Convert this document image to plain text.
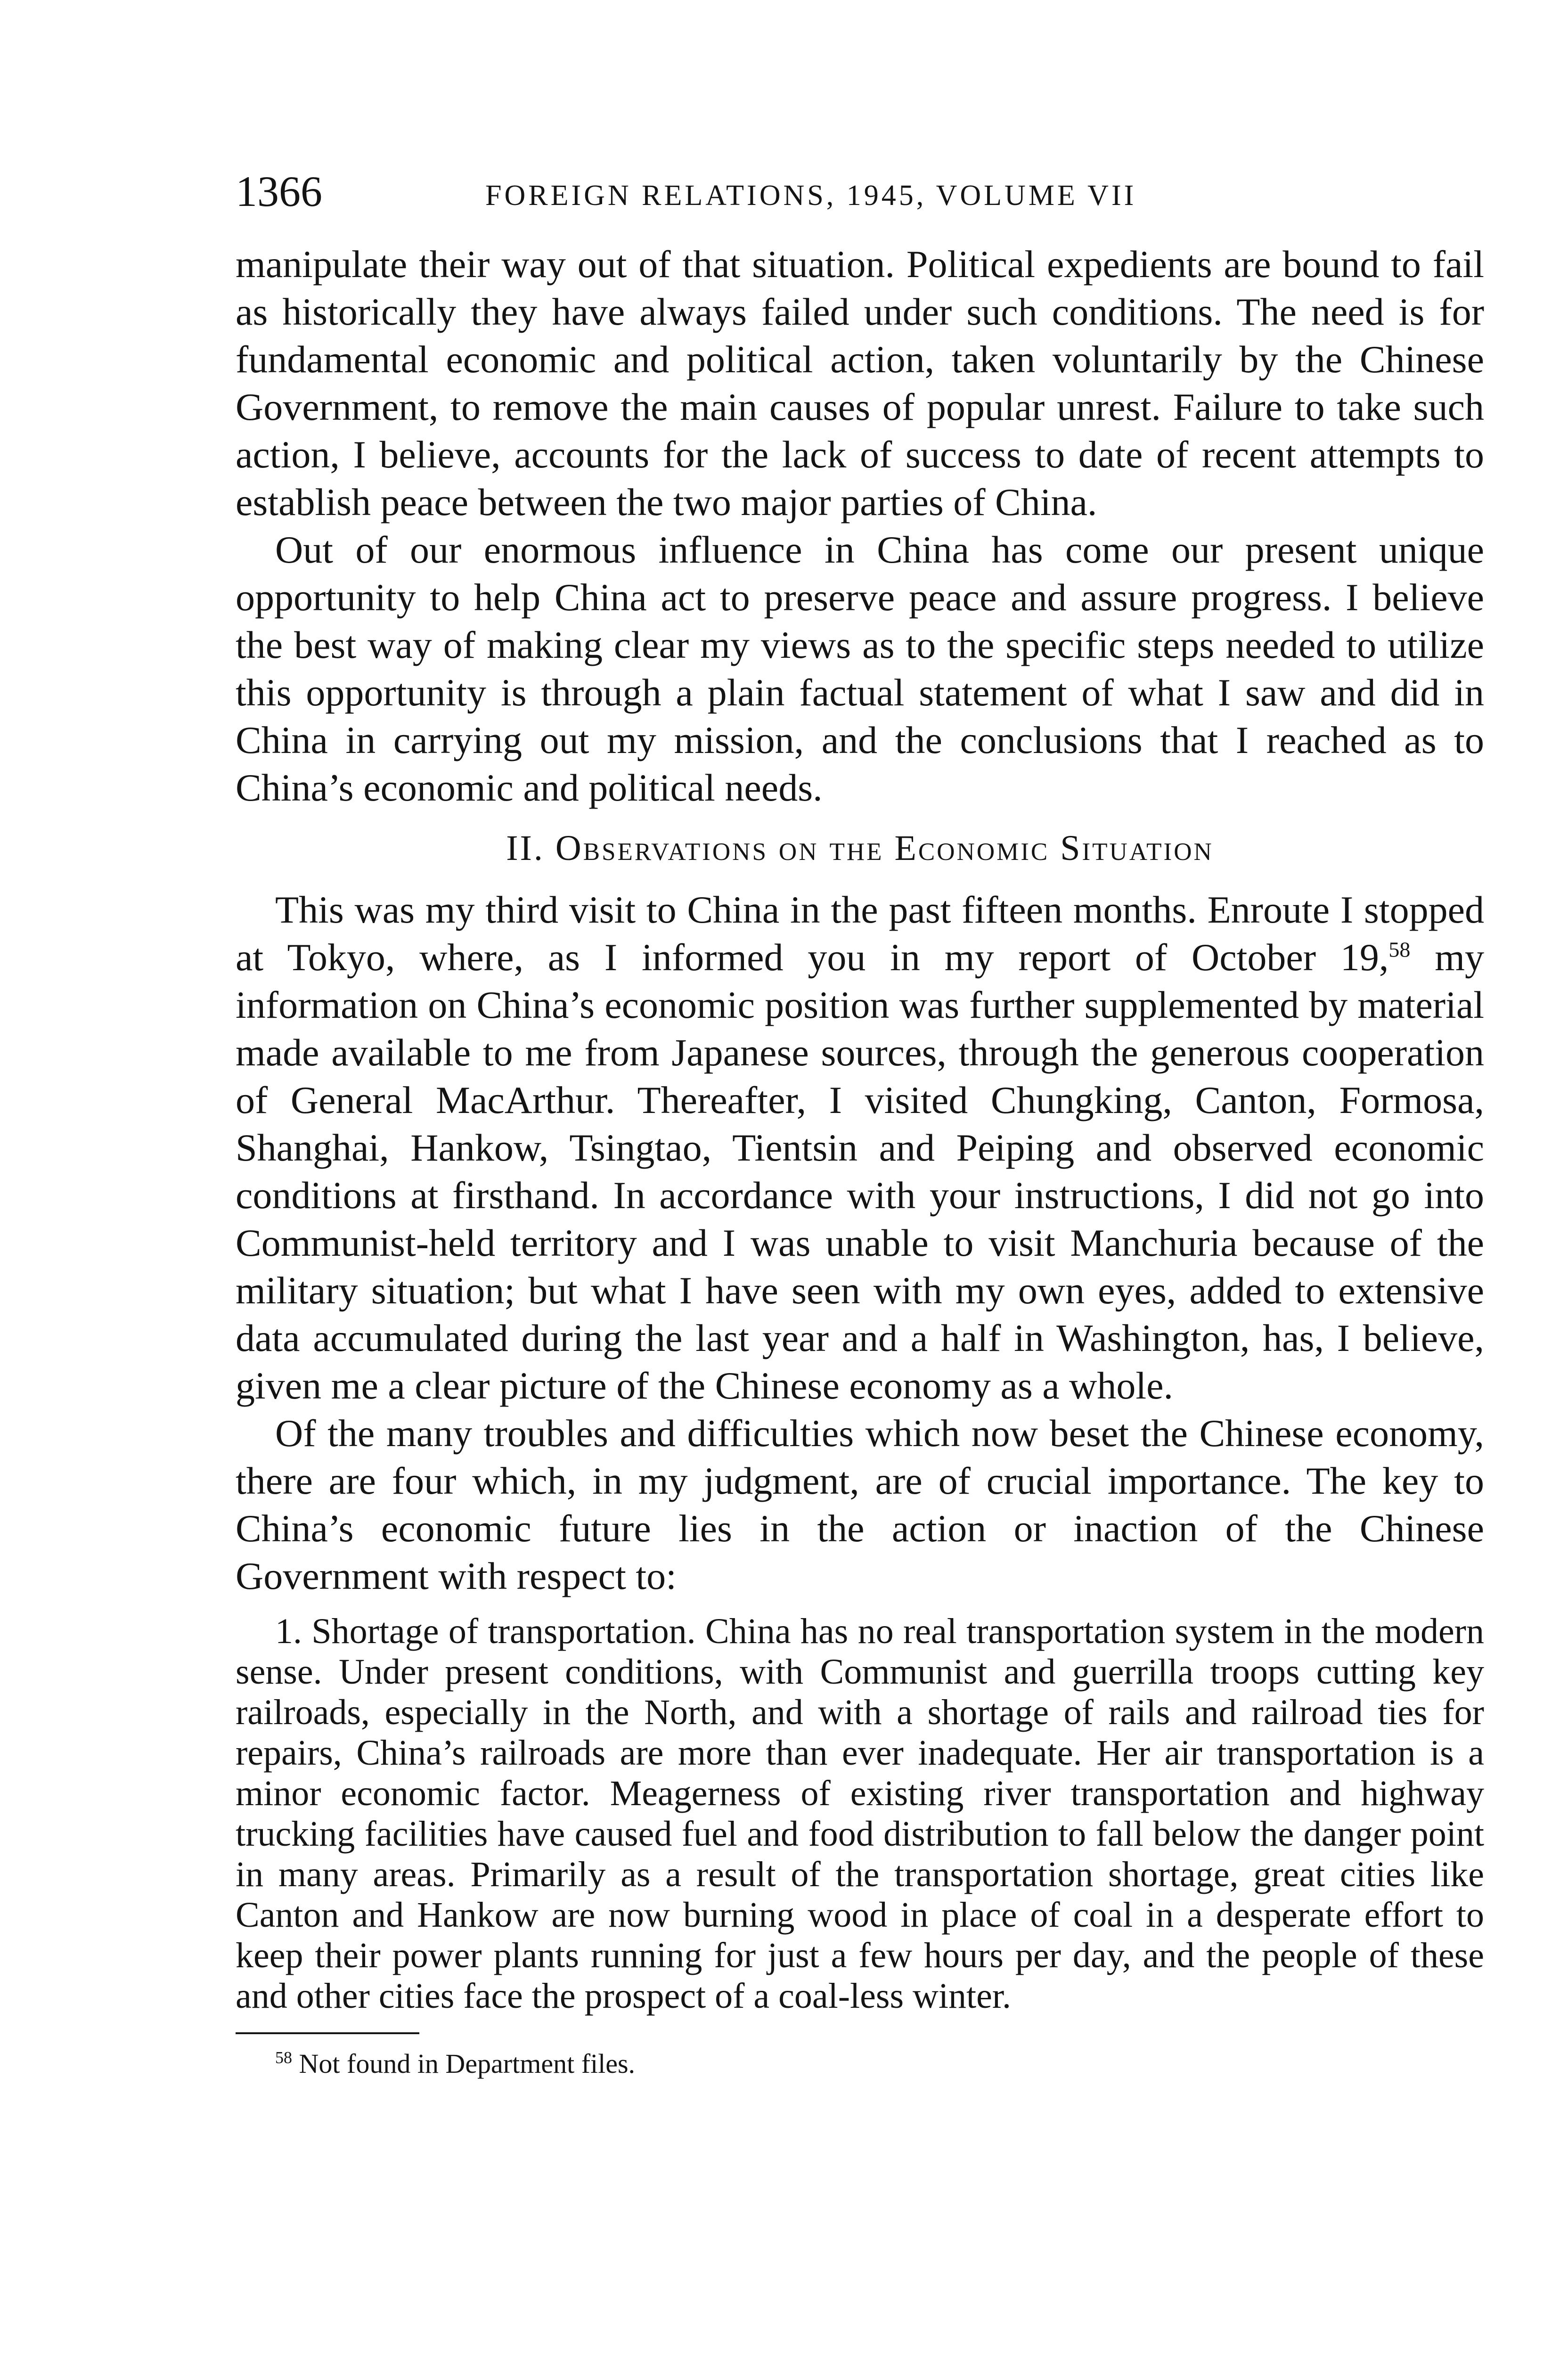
1366	FOREIGN RELATIONS, 1945, VOLUME VII

manipulate their way out of that situation. Political expedients are bound to fail as historically they have always failed under such conditions. The need is for fundamental economic and political action, taken voluntarily by the Chinese Government, to remove the main causes of popular unrest. Failure to take such action, I believe, accounts for the lack of success to date of recent attempts to establish peace between the two major parties of China.

Out of our enormous influence in China has come our present unique opportunity to help China act to preserve peace and assure progress. I believe the best way of making clear my views as to the specific steps needed to utilize this opportunity is through a plain factual statement of what I saw and did in China in carrying out my mission, and the conclusions that I reached as to China’s economic and political needs.

II. Observations on the Economic Situation

This was my third visit to China in the past fifteen months. Enroute I stopped at Tokyo, where, as I informed you in my report of October 19,58 my information on China’s economic position was further supplemented by material made available to me from Japanese sources, through the generous cooperation of General MacArthur. Thereafter, I visited Chungking, Canton, Formosa, Shanghai, Hankow, Tsingtao, Tientsin and Peiping and observed economic conditions at firsthand. In accordance with your instructions, I did not go into Communist-held territory and I was unable to visit Manchuria because of the military situation; but what I have seen with my own eyes, added to extensive data accumulated during the last year and a half in Washington, has, I believe, given me a clear picture of the Chinese economy as a whole.

Of the many troubles and difficulties which now beset the Chinese economy, there are four which, in my judgment, are of crucial importance. The key to China’s economic future lies in the action or inaction of the Chinese Government with respect to:

1. Shortage of transportation. China has no real transportation system in the modern sense. Under present conditions, with Communist and guerrilla troops cutting key railroads, especially in the North, and with a shortage of rails and railroad ties for repairs, China’s railroads are more than ever inadequate. Her air transportation is a minor economic factor. Meagerness of existing river transportation and highway trucking facilities have caused fuel and food distribution to fall below the danger point in many areas. Primarily as a result of the transportation shortage, great cities like Canton and Hankow are now burning wood in place of coal in a desperate effort to keep their power plants running for just a few hours per day, and the people of these and other cities face the prospect of a coal-less winter.

$^{58}$ Not found in Department files.
